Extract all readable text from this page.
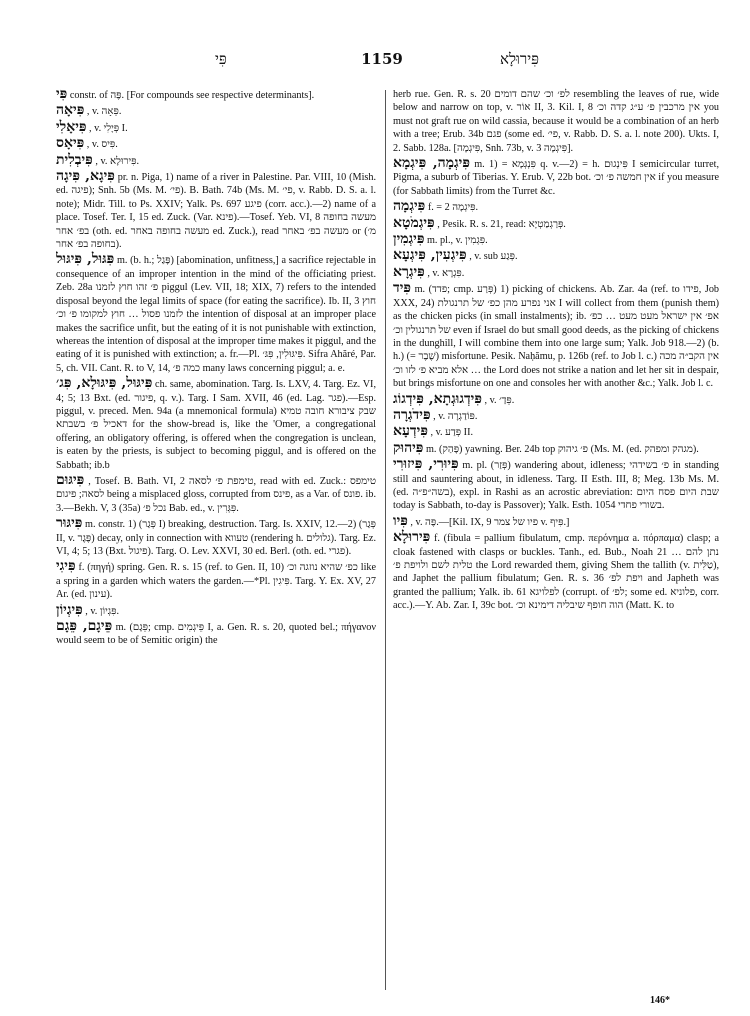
פִּי	1159	פִּירוּלָא
פִּי constr. of פֶּה. [For compounds see respective determinants].
פִּיאָה , v. פֵּאָה.
פִּיאָלִי , v. פְּיָלִי I.
פִּיאָס , v. פִּיס.
פִּיבְלִית , v. פִּירוּלָא.
פִּיגָא, פִּיגָה pr. n. Piga, 1) name of a river in Palestine. Par. VIII, 10 (Mish. ed. פיגה); Snh. 5b (Ms. M. פי׳). B. Bath. 74b (Ms. M. פי׳, v. Rabb. D. S. a. l. note); Midr. Till. to Ps. XXIV; Yalk. Ps. 697 פיגע (corr. acc.).—2) name of a place. Tosef. Ter. I, 15 ed. Zuck. (Var. פינא).—Tosef. Yeb. VI, 8 מעשה בחופה בפ׳ אחר (oth. ed. מעשה בחופה באחר ed. Zuck.), read מעשה בפ׳ באחר or (מ׳ בחופה בפ׳ אחר).
פִּגּוּל, פִּיגּוּל m. (b. h.; פָּגַל) [abomination, unfitness,] a sacrifice rejectable in consequence of an improper intention in the mind of the officiating priest. Zeb. 28a פ׳ זהו חוץ לזמנו piggul (Lev. VII, 18; XIX, 7) refers to the intended disposal beyond the legal limits of space (for eating the sacrifice). Ib. II, 3 חוץ לזמנו פסול … חוץ למקומו פ׳ וכ׳ the intention of disposal at an improper place makes the sacrifice unfit, but the eating of it is not punishable with extinction, whereas the intention of disposal at the improper time makes it piggul, and the eating of it is punished with extinction; a. fr.—Pl. פִּיגּוּלִין, פִּגּ׳. Sifra Ahăré, Par. 5, ch. VII. Cant. R. to V, 14, כמה פ׳ many laws concerning piggul; a. e.
פִּיגּוּל, פִּיגּוּלָא, פִּג׳ ch. same, abomination. Targ. Is. LXV, 4. Targ. Ez. VI, 4; 5; 13 Bxt. (ed. פיגור, q. v.). Targ. I Sam. XVII, 46 (ed. Lag. פגר).—Esp. piggul, v. preced. Men. 94a (a mnemonical formula) שבק ציבורא חובה טמיא דאכיל פ׳ בשבתא for the show-bread is, like the 'Omer, a congregational offering, an obligatory offering, is offered when the congregation is unclean, is eaten by the priests, is subject to becoming piggul, and is offered on the Sabbath; ib.b
פִּיגּוּם , Tosef. B. Bath. VI, 2 טימפת פ׳ לסאה, read with ed. Zuck.: טימפס לסאה; פיגום being a misplaced gloss, corrupted from פינס, as a Var. of פונס. ib. 3.—Bekh. V, 3 (35a) נכל פ׳ Bab. ed., v. פִּגְּרִין.
פִּיגּוּר m. constr. 1) (פְּגַר I) breaking, destruction. Targ. Is. XXIV, 12.—2) (פְּגַר II, v. פֶּגֶר) decay, only in connection with טעווא (rendering h. גלולים). Targ. Ez. VI, 4; 5; 13 (Bxt. פיגול). Targ. O. Lev. XXVI, 30 ed. Berl. (oth. ed. פגרי).
פִּיגִי f. (πηγή) spring. Gen. R. s. 15 (ref. to Gen. II, 10) כפ׳ שהיא נוזגה וכ׳ like a spring in a garden which waters the garden.—*Pl. פִּיגִין. Targ. Y. Ex. XV, 27 Ar. (ed. עינון).
פִּיגְיוֹן , v. פִּגְיוֹן.
פֵּיגָם, פֵּגָם m. (פֵּגָם; cmp. פֵּיגְמִים I, a. Gen. R. s. 20, quoted bel.; πήγανον would seem to be of Semitic origin) the
herb rue. Gen. R. s. 20 לפ׳ וכ׳ שהם דומים resembling the leaves of rue, wide below and narrow on top, v. אוֹר II, 3. Kil. I, 8 אין מרכבין פ׳ ע״ג קדה וכ׳ you must not graft rue on wild cassia, because it would be a combination of an herb with a tree; Erub. 34b פגם (some ed. פי׳, v. Rabb. D. S. a. l. note 200). Ukts. I, 2. Sabb. 128a. [פִּיגְמָה, Snh. 73b, v. פִּיגְמָה 3].
פִּיגְמָה, פִּיגְמָא m. 1) = פִּנְגְּמָא q. v.—2) = h. פִּינְגוּם I semicircular turret, Pigma, a suburb of Tiberias. Y. Erub. V, 22b bot. אין חמשה פ׳ וכ׳ if you measure (for Sabbath limits) from the Turret &c.
פִּיגְמָה f. = פִּיגְמָה 2.
פִּיגְמֹטָא , Pesik. R. s. 21, read: פְּרַגְמַטְיָא.
פִּיגְמִין m. pl., v. פִּגְמִין.
פִּיגְעִין, פִּיגְעָא , v. sub פְּגַע.
פִּיגְרָא , v. פִּגְרָא.
פִּיד m. (פדד; cmp. פְּרַע) 1) picking of chickens. Ab. Zar. 4a (ref. to פידו, Job XXX, 24) אני נפרע מהן כפ׳ של תרנגולת I will collect from them (punish them) as the chicken picks (in small instalments); ib. אפ׳ אין ישראל מעט מעט … כפ׳ של תרנגולין וכ׳ even if Israel do but small good deeds, as the picking of chickens in the dunghill, I will combine them into one large sum; Yalk. Job 918.—2) (b. h.) (= שֶׁבֶר) misfortune. Pesik. Naḥămu, p. 126b (ref. to Job l. c.) אין הקב״ה מכה … אלא מביא פ׳ לזו וכ׳ the Lord does not strike a nation and let her sit in despair, but brings misfortune on one and consoles her with another &c.; Yalk. Job l. c.
פִּידְגוּגְתָא, פִּידְגוֹג , v. פֵּדַ׳.
פִּידֹגְרָה , v. פּוֹדַגְרָה.
פִּידְעָא , v. פְּדַע II.
פִּיהוּק m. (פָּהַק) yawning. Ber. 24b top פ׳ גיהוק (Ms. M. (ed. מגהק ומפהק).
פִּיוּרִי, פִּיזוּרִי m. pl. (פְּזַר) wandering about, idleness; פ׳ בשידהי in standing still and sauntering about, in idleness. Targ. II Esth. III, 8; Meg. 13b Ms. M. (ed. בשה״פ״ה), expl. in Rashi as an acrostic abreviation: שבת היום פסח היום today is Sabbath, to-day is Passover); Yalk. Esth. 1054 בשורי פחדי.
פִּיו , v. פֶּה.—[Kil. IX, 9 פיו של צמר v. פִּיף.]
פִּירוּלָא f. (fibula = pallium fibulatum, cmp. περόνημα a. πόρπαμα) clasp; a cloak fastened with clasps or buckles. Tanh., ed. Bub., Noah 21 נתן להם … טלית לשם ולויפת פ׳ the Lord rewarded them, giving Shem the tallith (v. טַלִּית), and Japhet the pallium fibulatum; Gen. R. s. 36 ויפת לפ׳ and Japheth was granted the pallium; Yalk. ib. 61 לפלויגא (corrupt. of לפ׳; some ed. פלוניא, corr. acc.).—Y. Ab. Zar. I, 39c bot. הוה חופף שיבליה דימינא וכ׳ (Matt. K. to
146*
